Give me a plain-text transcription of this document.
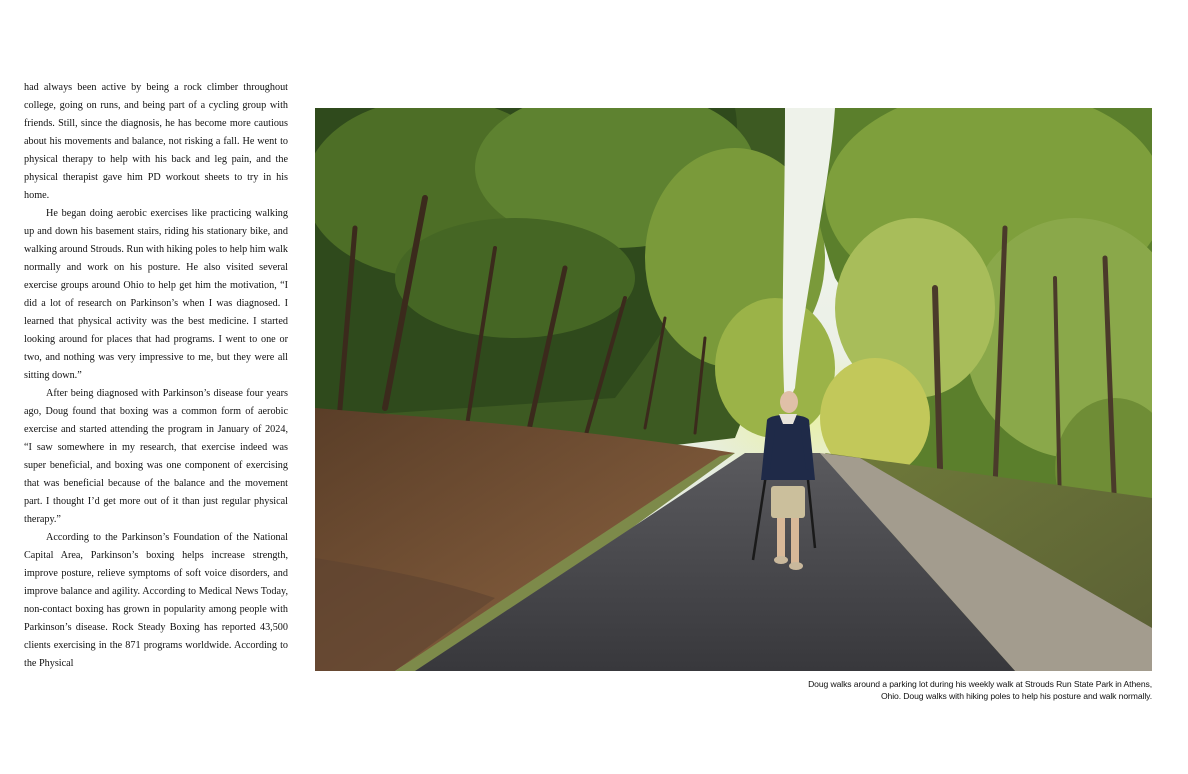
had always been active by being a rock climber throughout college, going on runs, and being part of a cycling group with friends. Still, since the diagnosis, he has become more cautious about his movements and balance, not risking a fall. He went to physical therapy to help with his back and leg pain, and the physical therapist gave him PD workout sheets to try in his home.

He began doing aerobic exercises like practicing walking up and down his basement stairs, riding his stationary bike, and walking around Strouds. Run with hiking poles to help him walk normally and work on his posture. He also visited several exercise groups around Ohio to help get him the motivation, “I did a lot of research on Parkinson’s when I was diagnosed. I learned that physical activity was the best medicine. I started looking around for places that had programs. I went to one or two, and nothing was very impressive to me, but they were all sitting down.”

After being diagnosed with Parkinson’s disease four years ago, Doug found that boxing was a common form of aerobic exercise and started attending the program in January of 2024, “I saw somewhere in my research, that exercise indeed was super beneficial, and boxing was one component of exercising that was beneficial because of the balance and the movement part. I thought I’d get more out of it than just regular physical therapy.”

According to the Parkinson’s Foundation of the National Capital Area, Parkinson’s boxing helps increase strength, improve posture, relieve symptoms of soft voice disorders, and improve balance and agility. According to Medical News Today, non-contact boxing has grown in popularity among people with Parkinson’s disease. Rock Steady Boxing has reported 43,500 clients exercising in the 871 programs worldwide. According to the Physical

Doug walks around a parking lot during his weekly walk at Strouds Run State Park in Athens,
Ohio. Doug walks with hiking poles to help his posture and walk normally.
